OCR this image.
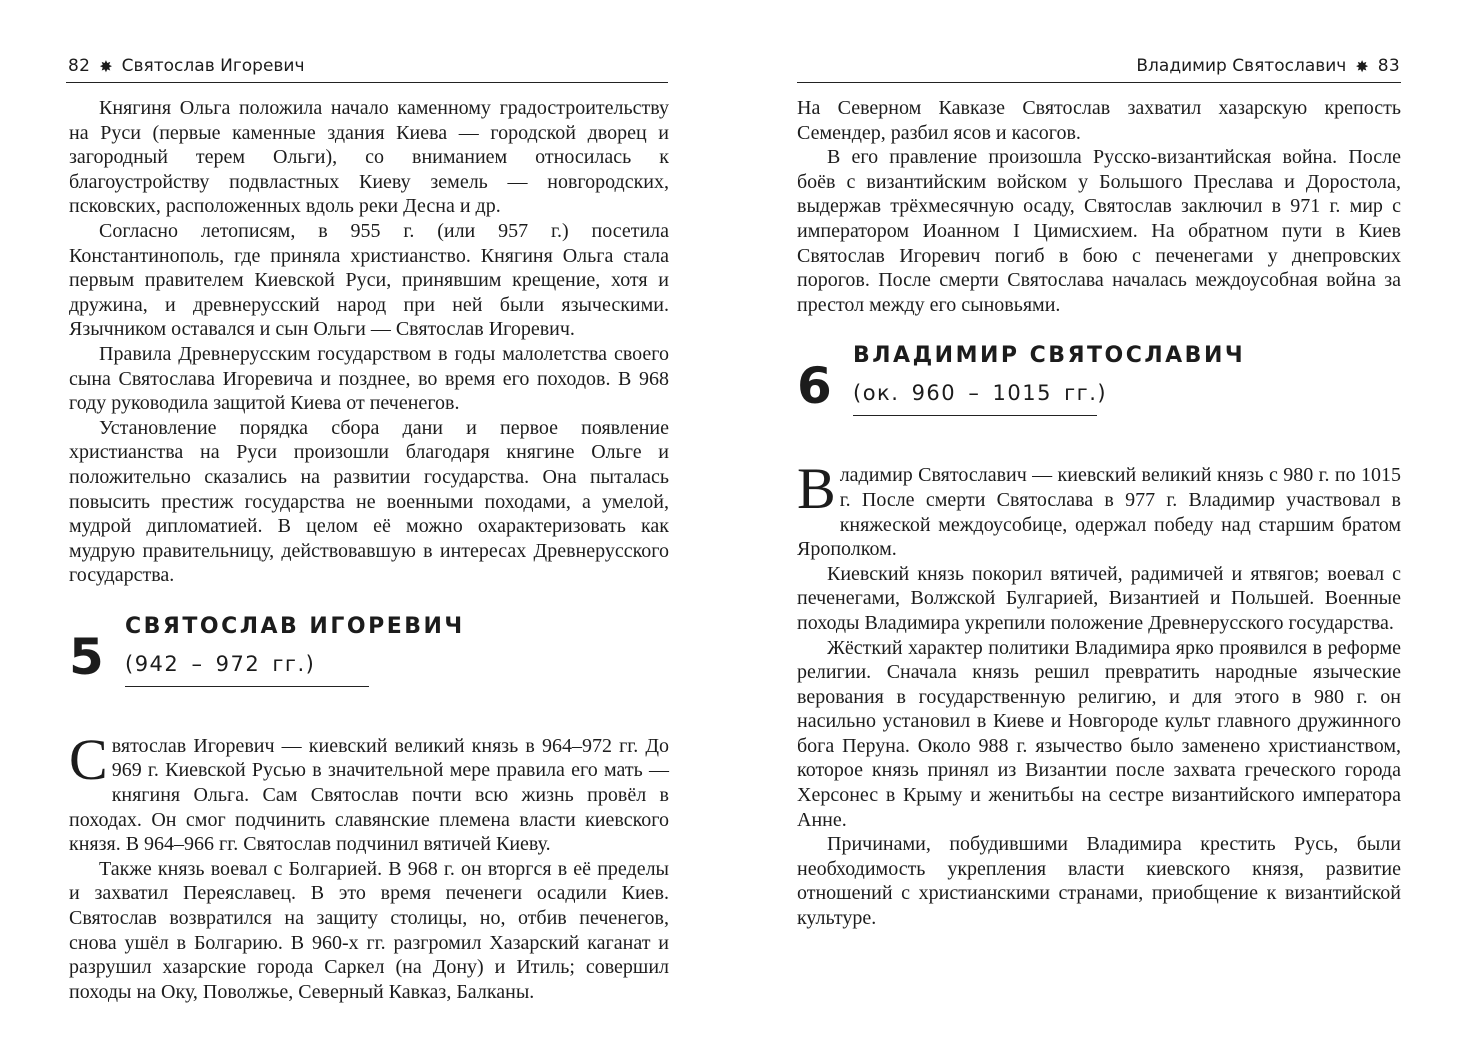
82 ✸ Святослав Игоревич

Княгиня Ольга положила начало каменному градостроительству на Руси (первые каменные здания Киева — городской дворец и загородный терем Ольги), со вниманием относилась к благоустройству подвластных Киеву земель — новгородских, псковских, расположенных вдоль реки Десна и др.

Согласно летописям, в 955 г. (или 957 г.) посетила Константинополь, где приняла христианство. Княгиня Ольга стала первым правителем Киевской Руси, принявшим крещение, хотя и дружина, и древнерусский народ при ней были языческими. Язычником оставался и сын Ольги — Святослав Игоревич.

Правила Древнерусским государством в годы малолетства своего сына Святослава Игоревича и позднее, во время его походов. В 968 году руководила защитой Киева от печенегов.

Установление порядка сбора дани и первое появление христианства на Руси произошли благодаря княгине Ольге и положительно сказались на развитии государства. Она пыталась повысить престиж государства не военными походами, а умелой, мудрой дипломатией. В целом её можно охарактеризовать как мудрую правительницу, действовавшую в интересах Древнерусского государства.

5
СВЯТОСЛАВ ИГОРЕВИЧ
(942 – 972 гг.)

Святослав Игоревич — киевский великий князь в 964–972 гг. До 969 г. Киевской Русью в значительной мере правила его мать — княгиня Ольга. Сам Святослав почти всю жизнь провёл в походах. Он смог подчинить славянские племена власти киевского князя. В 964–966 гг. Святослав подчинил вятичей Киеву.

Также князь воевал с Болгарией. В 968 г. он вторгся в её пределы и захватил Переяславец. В это время печенеги осадили Киев. Святослав возвратился на защиту столицы, но, отбив печенегов, снова ушёл в Болгарию. В 960-х гг. разгромил Хазарский каганат и разрушил хазарские города Саркел (на Дону) и Итиль; совершил походы на Оку, Поволжье, Северный Кавказ, Балканы.

Владимир Святославич ✸ 83

На Северном Кавказе Святослав захватил хазарскую крепость Семендер, разбил ясов и касогов.

В его правление произошла Русско-византийская война. После боёв с византийским войском у Большого Преслава и Доростола, выдержав трёхмесячную осаду, Святослав заключил в 971 г. мир с императором Иоанном I Цимисхием. На обратном пути в Киев Святослав Игоревич погиб в бою с печенегами у днепровских порогов. После смерти Святослава началась междоусобная война за престол между его сыновьями.

6
ВЛАДИМИР СВЯТОСЛАВИЧ
(ок. 960 – 1015 гг.)

Владимир Святославич — киевский великий князь с 980 г. по 1015 г. После смерти Святослава в 977 г. Владимир участвовал в княжеской междоусобице, одержал победу над старшим братом Ярополком.

Киевский князь покорил вятичей, радимичей и ятвягов; воевал с печенегами, Волжской Булгарией, Византией и Польшей. Военные походы Владимира укрепили положение Древнерусского государства.

Жёсткий характер политики Владимира ярко проявился в реформе религии. Сначала князь решил превратить народные языческие верования в государственную религию, и для этого в 980 г. он насильно установил в Киеве и Новгороде культ главного дружинного бога Перуна. Около 988 г. язычество было заменено христианством, которое князь принял из Византии после захвата греческого города Херсонес в Крыму и женитьбы на сестре византийского императора Анне.

Причинами, побудившими Владимира крестить Русь, были необходимость укрепления власти киевского князя, развитие отношений с христианскими странами, приобщение к византийской культуре.
